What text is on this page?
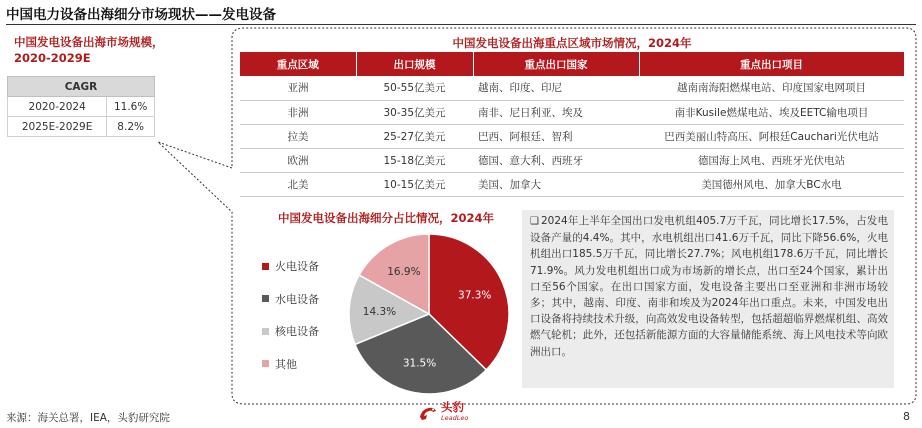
中国电力设备出海细分市场现状——发电设备
中国发电设备出海市场规模，2020-2029E
CAGR	
2020-2024	11.6%
2025E-2029E	8.2%
中国发电设备出海重点区域市场情况，2024年
重点区域	出口规模	重点出口国家	重点出口项目
亚洲	50-55亿美元	越南、印度、印尼	越南南海阳燃煤电站、印度国家电网项目
非洲	30-35亿美元	南非、尼日利亚、埃及	南非Kusile燃煤电站、埃及EETC输电项目
拉美	25-27亿美元	巴西、阿根廷、智利	巴西美丽山特高压、阿根廷Cauchari光伏电站
欧洲	15-18亿美元	德国、意大利、西班牙	德国海上风电、西班牙光伏电站
北美	10-15亿美元	美国、加拿大	美国德州风电、加拿大BC水电
中国发电设备出海细分占比情况，2024年
火电设备
水电设备
核电设备
其他
37.3%
31.5%
14.3%
16.9%
❑ 2024年上半年全国出口发电机组405.7万千瓦，同比增长17.5%，占发电设备产量的4.4%。其中，水电机组出口41.6万千瓦，同比下降56.6%，火电机组出口185.5万千瓦，同比增长27.7%；风电机组178.6万千瓦，同比增长71.9%。风力发电机组出口成为市场新的增长点，出口至24个国家，累计出口至56个国家。在出口国家方面，发电设备主要出口至亚洲和非洲市场较多；其中，越南、印度、南非和埃及为2024年出口重点。未来，中国发电出口设备将持续技术升级，向高效发电设备转型，包括超超临界燃煤机组、高效燃气轮机；此外，还包括新能源方面的大容量储能系统、海上风电技术等向欧洲出口。
来源：海关总署，IEA，头豹研究院
头豹
LeadLeo	8
